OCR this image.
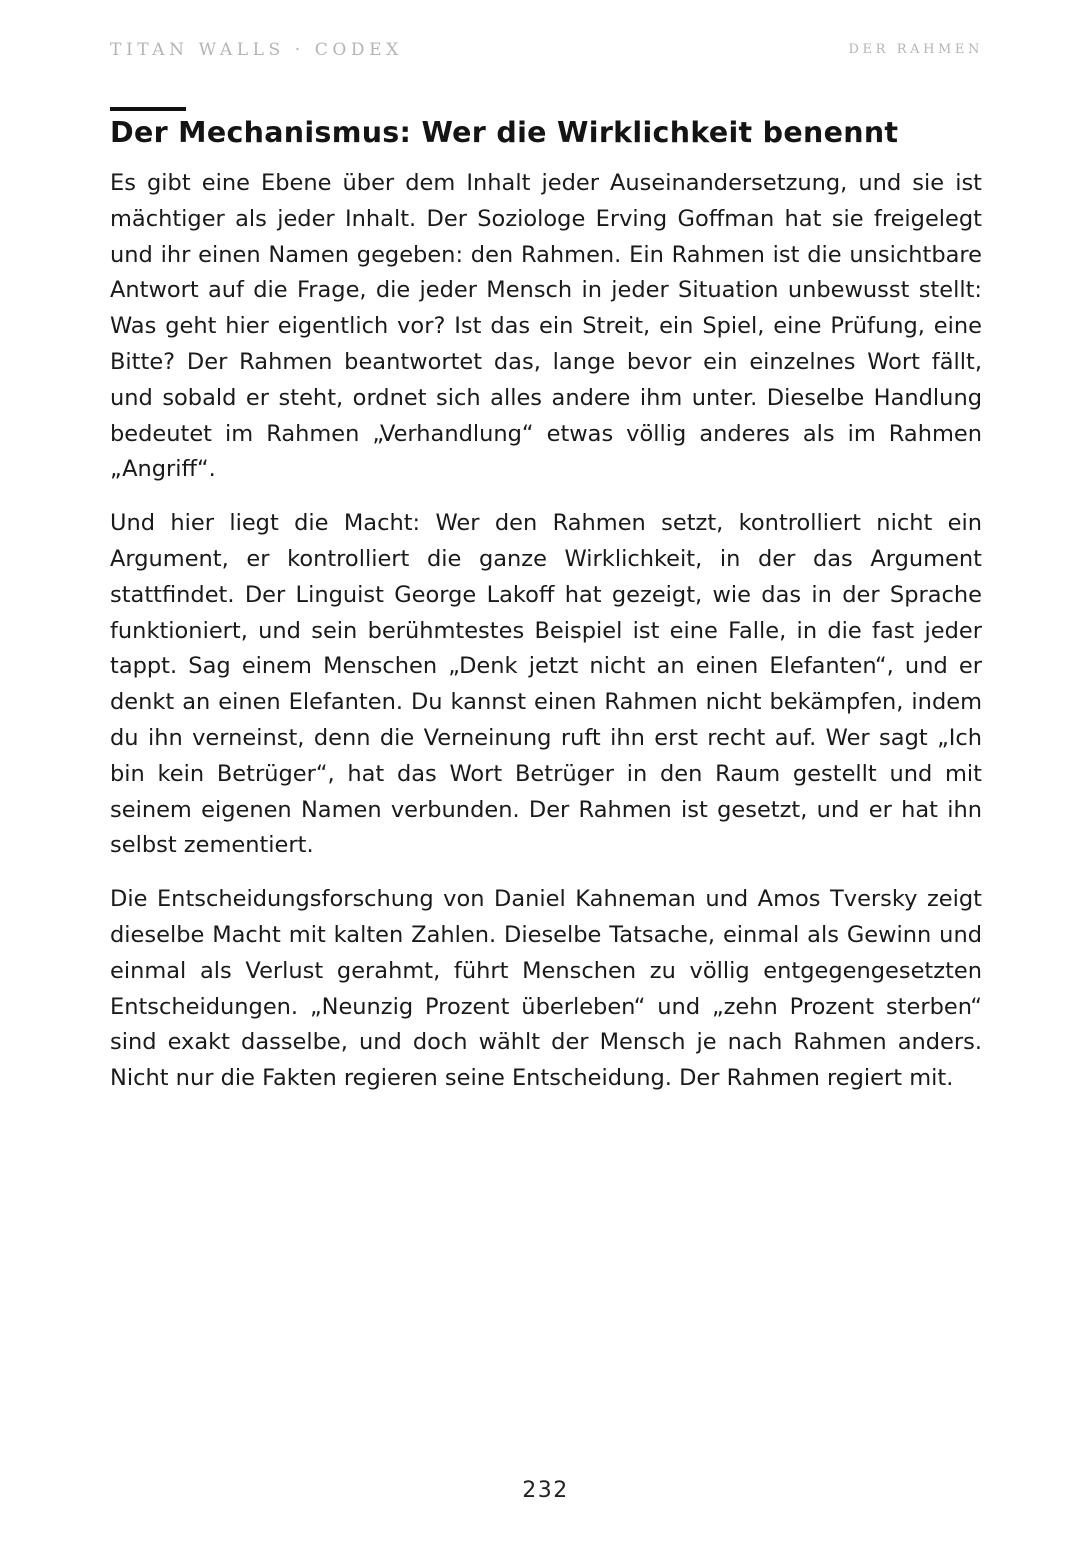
TITAN WALLS · CODEX	DER RAHMEN
Der Mechanismus: Wer die Wirklichkeit benennt

Es gibt eine Ebene über dem Inhalt jeder Auseinandersetzung, und sie ist mächtiger als jeder Inhalt. Der Soziologe Erving Goffman hat sie freigelegt und ihr einen Namen gegeben: den Rahmen. Ein Rahmen ist die unsichtbare Antwort auf die Frage, die jeder Mensch in jeder Situation unbewusst stellt: Was geht hier eigentlich vor? Ist das ein Streit, ein Spiel, eine Prüfung, eine Bitte? Der Rahmen beantwortet das, lange bevor ein einzelnes Wort fällt, und sobald er steht, ordnet sich alles andere ihm unter. Dieselbe Handlung bedeutet im Rahmen „Verhandlung“ etwas völlig anderes als im Rahmen „Angriff“.

Und hier liegt die Macht: Wer den Rahmen setzt, kontrolliert nicht ein Argument, er kontrolliert die ganze Wirklichkeit, in der das Argument stattfindet. Der Linguist George Lakoff hat gezeigt, wie das in der Sprache funktioniert, und sein berühmtestes Beispiel ist eine Falle, in die fast jeder tappt. Sag einem Menschen „Denk jetzt nicht an einen Elefanten“, und er denkt an einen Elefanten. Du kannst einen Rahmen nicht bekämpfen, indem du ihn verneinst, denn die Verneinung ruft ihn erst recht auf. Wer sagt „Ich bin kein Betrüger“, hat das Wort Betrüger in den Raum gestellt und mit seinem eigenen Namen verbunden. Der Rahmen ist gesetzt, und er hat ihn selbst zementiert.

Die Entscheidungsforschung von Daniel Kahneman und Amos Tversky zeigt dieselbe Macht mit kalten Zahlen. Dieselbe Tatsache, einmal als Gewinn und einmal als Verlust gerahmt, führt Menschen zu völlig entgegengesetzten Entscheidungen. „Neunzig Prozent überleben“ und „zehn Prozent sterben“ sind exakt dasselbe, und doch wählt der Mensch je nach Rahmen anders. Nicht nur die Fakten regieren seine Entscheidung. Der Rahmen regiert mit.

232
